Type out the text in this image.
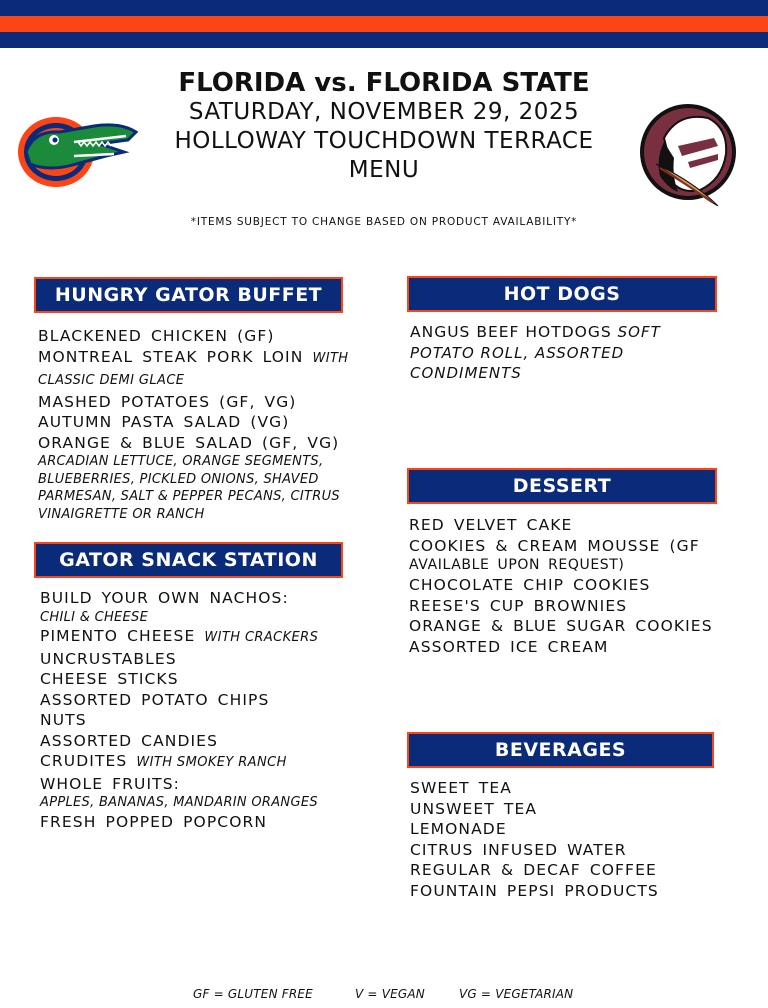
FLORIDA vs. FLORIDA STATE
SATURDAY, NOVEMBER 29, 2025
HOLLOWAY TOUCHDOWN TERRACE
MENU
*ITEMS SUBJECT TO CHANGE BASED ON PRODUCT AVAILABILITY*
HUNGRY GATOR BUFFET
BLACKENED CHICKEN (GF)
MONTREAL STEAK PORK LOIN WITH CLASSIC DEMI GLACE
MASHED POTATOES (GF, VG)
AUTUMN PASTA SALAD (VG)
ORANGE & BLUE SALAD (GF, VG)
ARCADIAN LETTUCE, ORANGE SEGMENTS, BLUEBERRIES, PICKLED ONIONS, SHAVED PARMESAN, SALT & PEPPER PECANS, CITRUS VINAIGRETTE OR RANCH
GATOR SNACK STATION
BUILD YOUR OWN NACHOS:
CHILI & CHEESE
PIMENTO CHEESE WITH CRACKERS
UNCRUSTABLES
CHEESE STICKS
ASSORTED POTATO CHIPS
NUTS
ASSORTED CANDIES
CRUDITES WITH SMOKEY RANCH
WHOLE FRUITS:
APPLES, BANANAS, MANDARIN ORANGES
FRESH POPPED POPCORN
HOT DOGS
ANGUS BEEF HOTDOGS SOFT POTATO ROLL, ASSORTED CONDIMENTS
DESSERT
RED VELVET CAKE
COOKIES & CREAM MOUSSE (GF
AVAILABLE UPON REQUEST)
CHOCOLATE CHIP COOKIES
REESE'S CUP BROWNIES
ORANGE & BLUE SUGAR COOKIES
ASSORTED ICE CREAM
BEVERAGES
SWEET TEA
UNSWEET TEA
LEMONADE
CITRUS INFUSED WATER
REGULAR & DECAF COFFEE
FOUNTAIN PEPSI PRODUCTS
GF = GLUTEN FREE	V = VEGAN	VG = VEGETARIAN
